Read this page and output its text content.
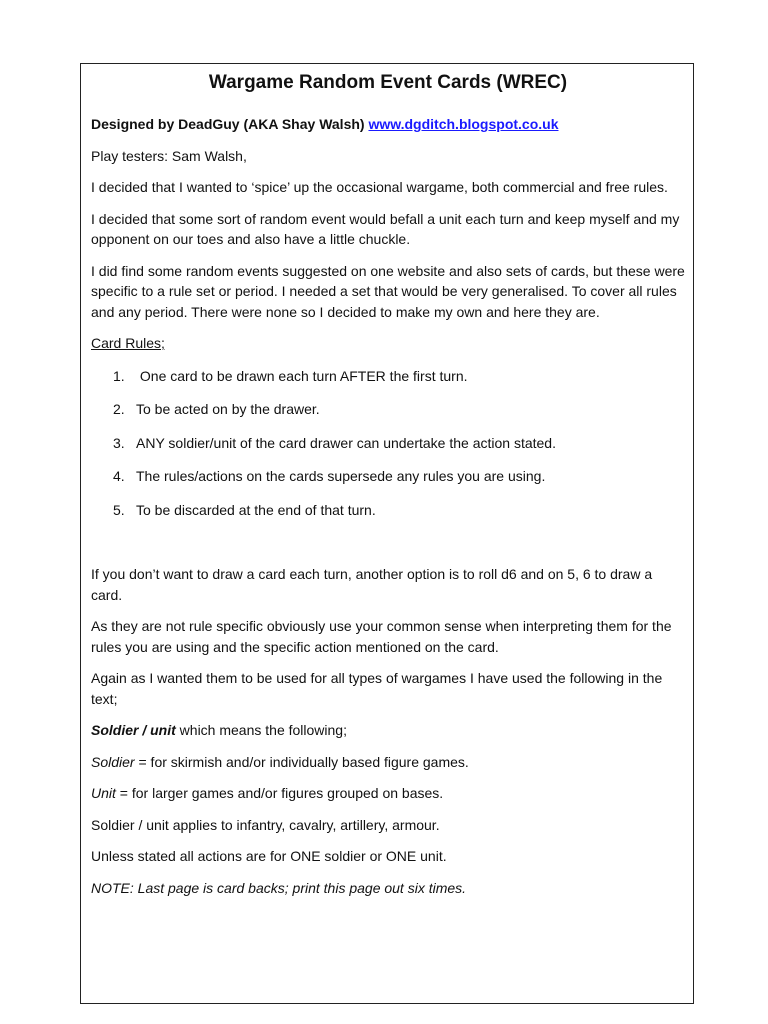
Wargame Random Event Cards (WREC)

Designed by DeadGuy (AKA Shay Walsh) www.dgditch.blogspot.co.uk

Play testers: Sam Walsh,

I decided that I wanted to ‘spice’ up the occasional wargame, both commercial and free rules.

I decided that some sort of random event would befall a unit each turn and keep myself and my opponent on our toes and also have a little chuckle.

I did find some random events suggested on one website and also sets of cards, but these were specific to a rule set or period. I needed a set that would be very generalised. To cover all rules and any period. There were none so I decided to make my own and here they are.

Card Rules;

1. One card to be drawn each turn AFTER the first turn.
2. To be acted on by the drawer.
3. ANY soldier/unit of the card drawer can undertake the action stated.
4. The rules/actions on the cards supersede any rules you are using.
5. To be discarded at the end of that turn.

If you don’t want to draw a card each turn, another option is to roll d6 and on 5, 6 to draw a card.

As they are not rule specific obviously use your common sense when interpreting them for the rules you are using and the specific action mentioned on the card.

Again as I wanted them to be used for all types of wargames I have used the following in the text;

Soldier / unit which means the following;

Soldier = for skirmish and/or individually based figure games.

Unit = for larger games and/or figures grouped on bases.

Soldier / unit applies to infantry, cavalry, artillery, armour.

Unless stated all actions are for ONE soldier or ONE unit.

NOTE: Last page is card backs; print this page out six times.
